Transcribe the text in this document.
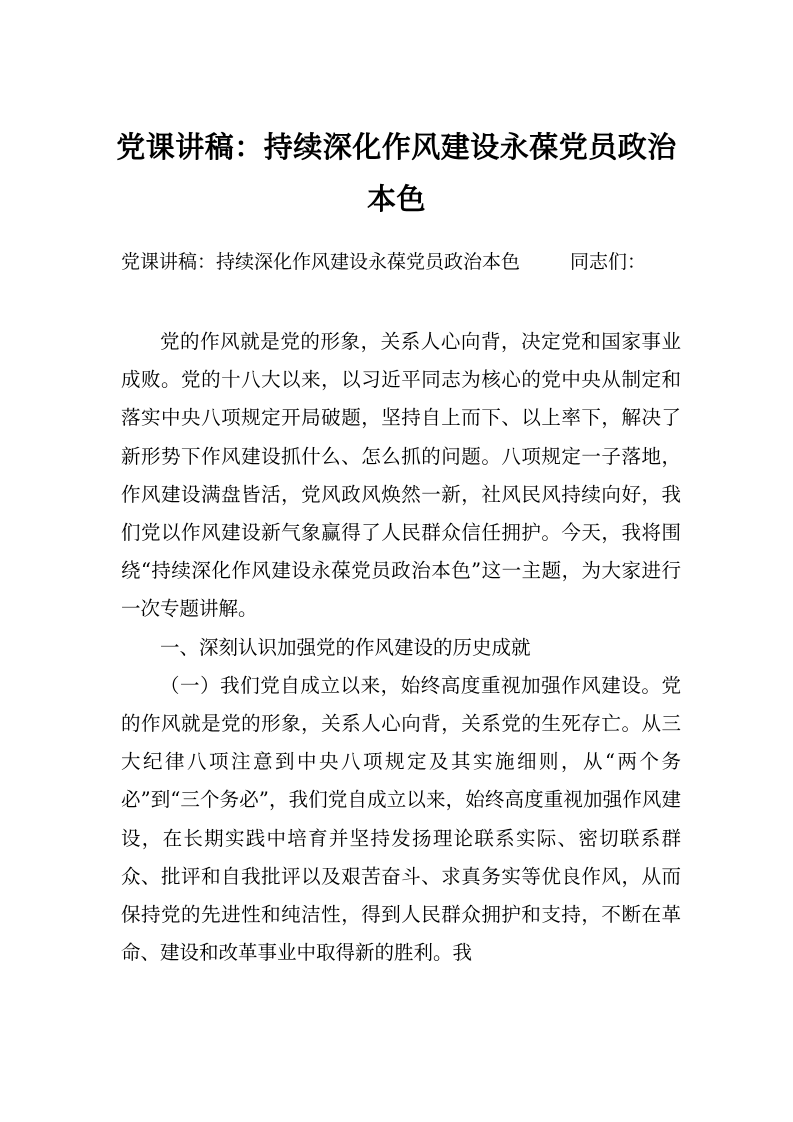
党课讲稿：持续深化作风建设永葆党员政治
本色

党课讲稿：持续深化作风建设永葆党员政治本色	同志们：

党的作风就是党的形象，关系人心向背，决定党和国家事业成败。党的十八大以来，以习近平同志为核心的党中央从制定和落实中央八项规定开局破题，坚持自上而下、以上率下，解决了新形势下作风建设抓什么、怎么抓的问题。八项规定一子落地，作风建设满盘皆活，党风政风焕然一新，社风民风持续向好，我们党以作风建设新气象赢得了人民群众信任拥护。今天，我将围绕“持续深化作风建设永葆党员政治本色”这一主题，为大家进行一次专题讲解。

一、深刻认识加强党的作风建设的历史成就

（一）我们党自成立以来，始终高度重视加强作风建设。党的作风就是党的形象，关系人心向背，关系党的生死存亡。从三大纪律八项注意到中央八项规定及其实施细则，从“两个务必”到“三个务必”，我们党自成立以来，始终高度重视加强作风建设，在长期实践中培育并坚持发扬理论联系实际、密切联系群众、批评和自我批评以及艰苦奋斗、求真务实等优良作风，从而保持党的先进性和纯洁性，得到人民群众拥护和支持，不断在革命、建设和改革事业中取得新的胜利。我
